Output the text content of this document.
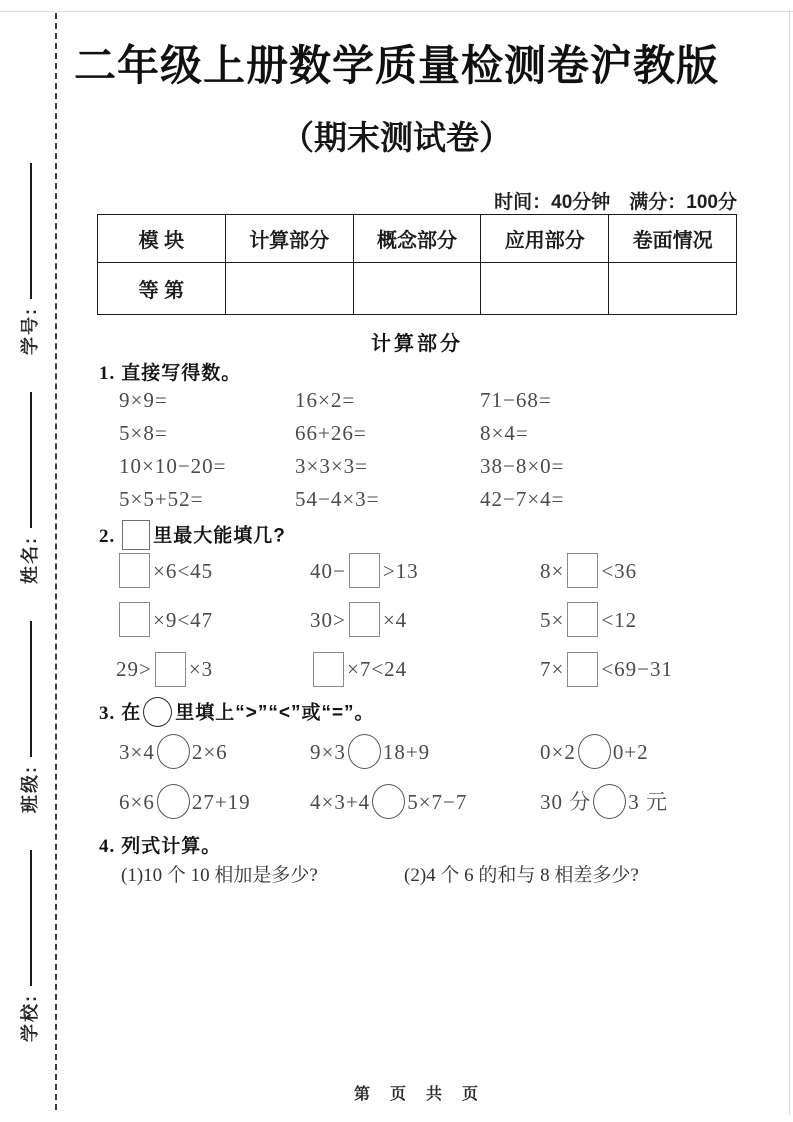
学校: 班级: 姓名: 学号:
二年级上册数学质量检测卷沪教版
（期末测试卷）
时间：40分钟　满分：100分
模 块	计算部分	概念部分	应用部分	卷面情况
等 第				
计算部分
1. 直接写得数。
9×9=	16×2=	71−68=
5×8=	66+26=	8×4=
10×10−20=	3×3×3=	38−8×0=
5×5+52=	54−4×3=	42−7×4=
2. 里最大能填几?
×6<45	40− >13	8× <36
×9<47	30> ×4	5× <12
29> ×3	×7<24	7× <69−31
3. 在 里填上“>”“<”或“=”。
3×4 2×6	9×3 18+9	0×2 0+2
6×6 27+19	4×3+4 5×7−7	30 分 3 元
4. 列式计算。
(1)10 个 10 相加是多少?	(2)4 个 6 的和与 8 相差多少?
第　页　共　页
